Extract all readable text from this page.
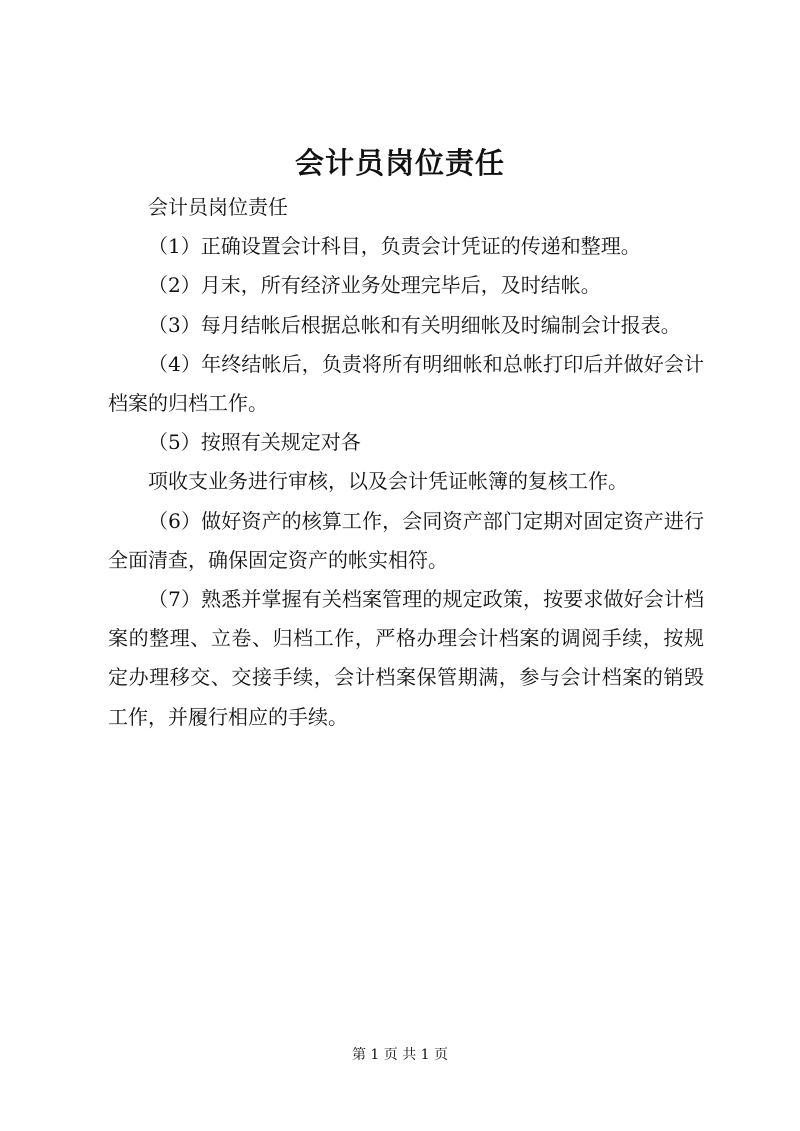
会计员岗位责任

会计员岗位责任

（1）正确设置会计科目，负责会计凭证的传递和整理。

（2）月末，所有经济业务处理完毕后，及时结帐。

（3）每月结帐后根据总帐和有关明细帐及时编制会计报表。

（4）年终结帐后，负责将所有明细帐和总帐打印后并做好会计档案的归档工作。

（5）按照有关规定对各

项收支业务进行审核，以及会计凭证帐簿的复核工作。

（6）做好资产的核算工作，会同资产部门定期对固定资产进行全面清查，确保固定资产的帐实相符。

（7）熟悉并掌握有关档案管理的规定政策，按要求做好会计档案的整理、立卷、归档工作，严格办理会计档案的调阅手续，按规定办理移交、交接手续，会计档案保管期满，参与会计档案的销毁工作，并履行相应的手续。

第 1 页 共 1 页
